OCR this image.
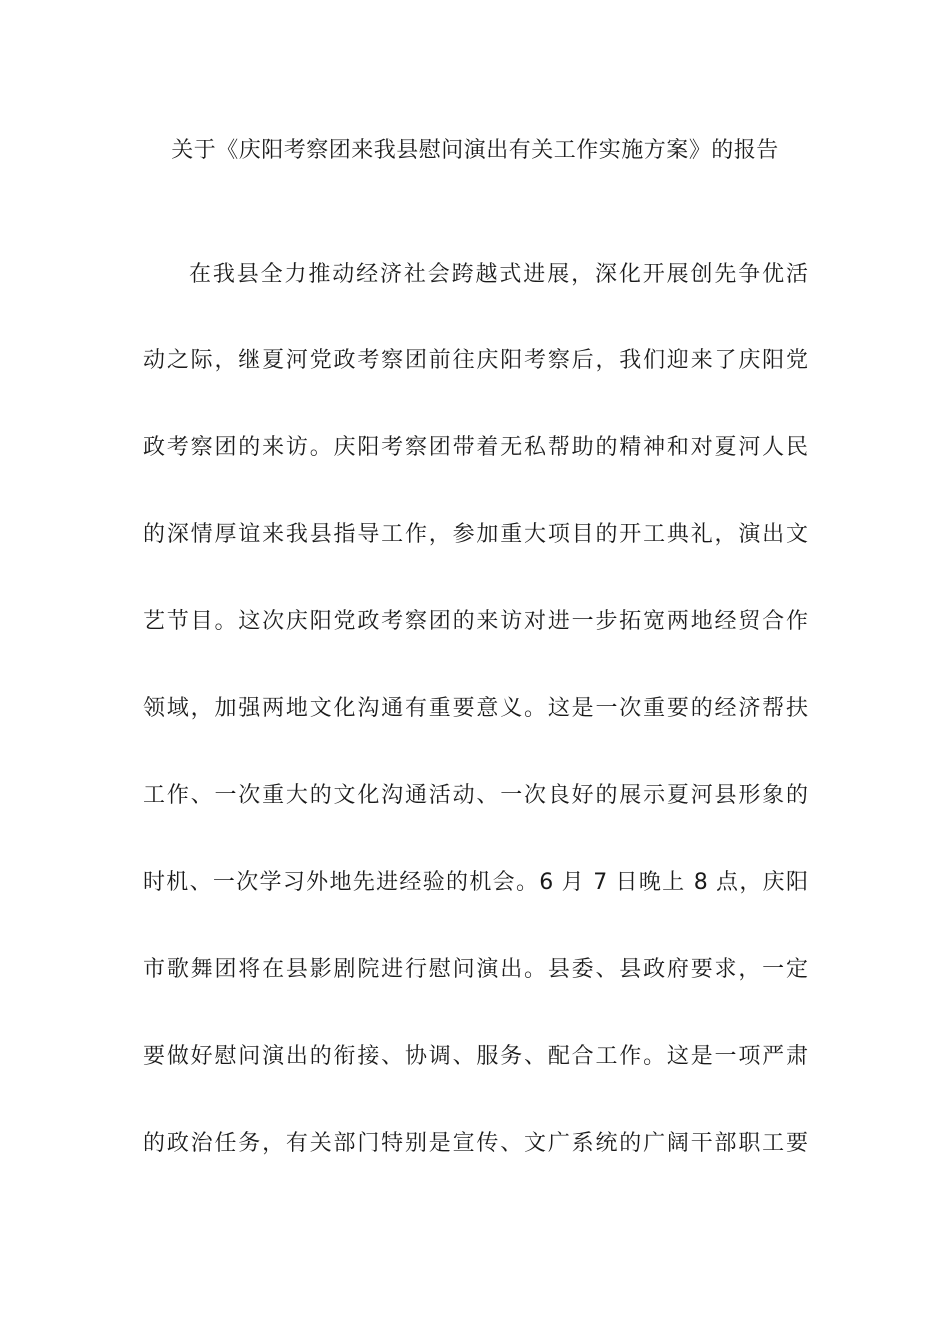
关于《庆阳考察团来我县慰问演出有关工作实施方案》的报告
在我县全力推动经济社会跨越式进展，深化开展创先争优活
动之际，继夏河党政考察团前往庆阳考察后，我们迎来了庆阳党
政考察团的来访。庆阳考察团带着无私帮助的精神和对夏河人民
的深情厚谊来我县指导工作，参加重大项目的开工典礼，演出文
艺节目。这次庆阳党政考察团的来访对进一步拓宽两地经贸合作
领域，加强两地文化沟通有重要意义。这是一次重要的经济帮扶
工作、一次重大的文化沟通活动、一次良好的展示夏河县形象的
时机、一次学习外地先进经验的机会。6 月 7 日晚上 8 点，庆阳
市歌舞团将在县影剧院进行慰问演出。县委、县政府要求，一定
要做好慰问演出的衔接、协调、服务、配合工作。这是一项严肃
的政治任务，有关部门特别是宣传、文广系统的广阔干部职工要
